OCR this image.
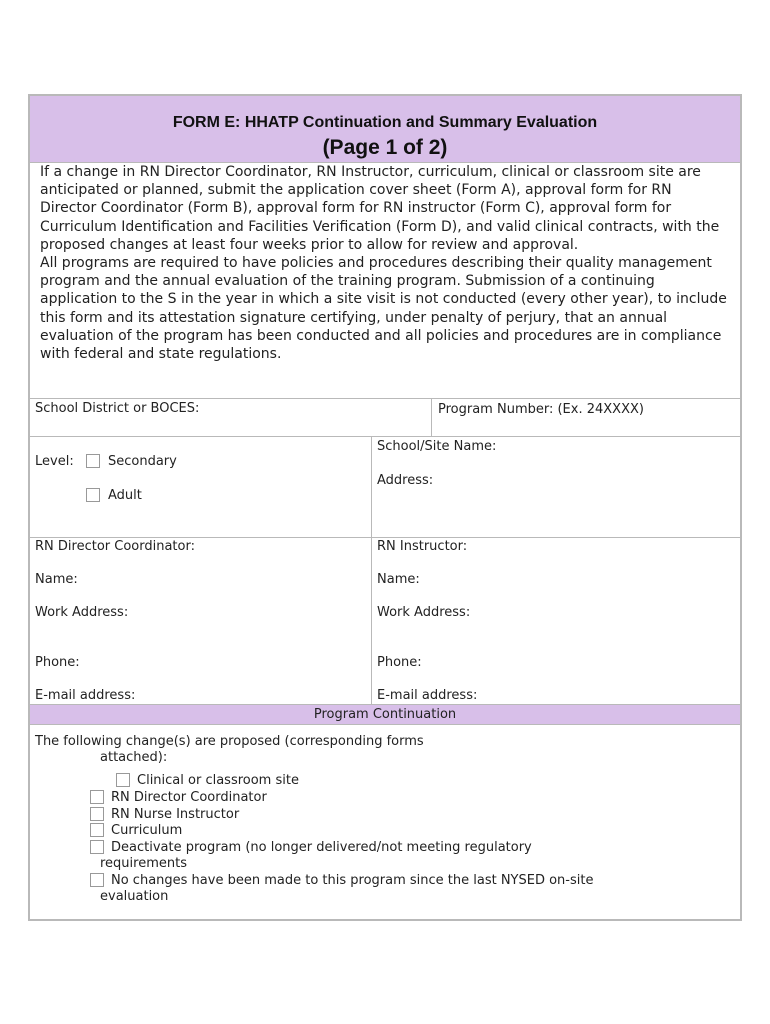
FORM E: HHATP Continuation and Summary Evaluation
(Page 1 of 2)

If a change in RN Director Coordinator, RN Instructor, curriculum, clinical or classroom site are anticipated or planned, submit the application cover sheet (Form A), approval form for RN Director Coordinator (Form B), approval form for RN instructor (Form C), approval form for Curriculum Identification and Facilities Verification (Form D), and valid clinical contracts, with the proposed changes at least four weeks prior to allow for review and approval.

All programs are required to have policies and procedures describing their quality management program and the annual evaluation of the training program. Submission of a continuing application to the S in the year in which a site visit is not conducted (every other year), to include this form and its attestation signature certifying, under penalty of perjury, that an annual evaluation of the program has been conducted and all policies and procedures are in compliance with federal and state regulations.

School District or BOCES:	Program Number: (Ex. 24XXXX)
Level:	Secondary
Adult
School/Site Name:
Address:
RN Director Coordinator:
Name:
Work Address:
Phone:
E-mail address:
RN Instructor:
Name:
Work Address:
Phone:
E-mail address:
Program Continuation
The following change(s) are proposed (corresponding forms
attached):
Clinical or classroom site
RN Director Coordinator
RN Nurse Instructor
Curriculum
Deactivate program (no longer delivered/not meeting regulatory
requirements
No changes have been made to this program since the last NYSED on-site
evaluation
